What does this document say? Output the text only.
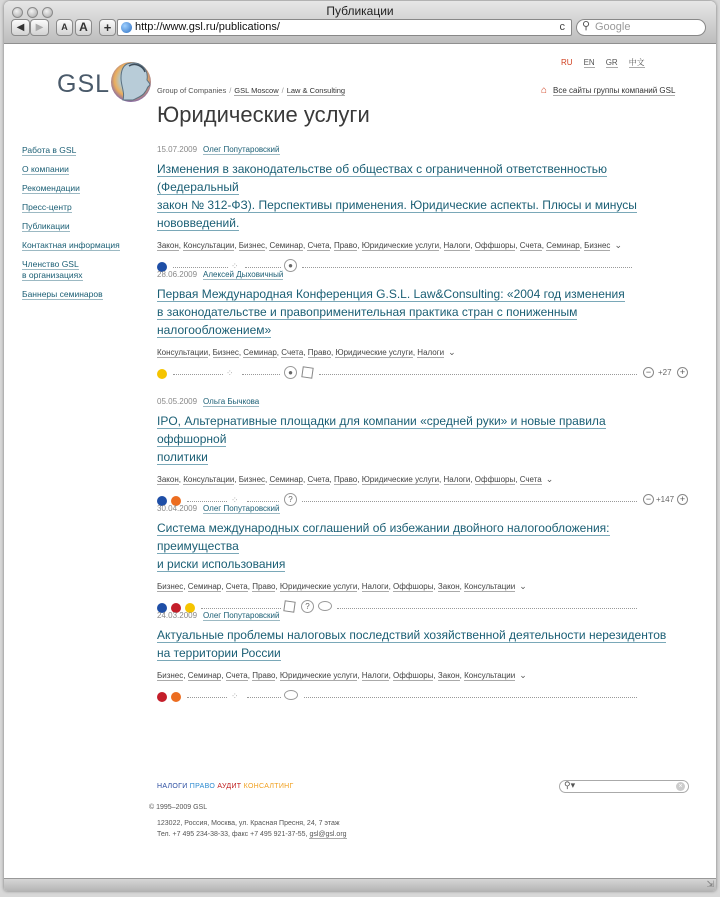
Публикации
◀	▶	A A	+	http://www.gsl.ru/publications/	c ⚲ Google
GSL	Group of Companies / GSL Moscow / Law & Consulting
RU EN GR 中文
⌂ Все сайты группы компаний GSL
Юридические услуги
Работа в GSL
О компании
Рекомендации
Пресс-центр
Публикации
Контактная информация
Членство GSL
в организациях
Баннеры семинаров
15.07.2009 Олег Попутаровский
Изменения в законодательстве об обществах с ограниченной ответственностью (Федеральный
закон № 312-ФЗ). Перспективы применения. Юридические аспекты. Плюсы и минусы
нововведений.
Закон, Консультации, Бизнес, Семинар, Счета, Право, Юридические услуги, Налоги, Оффшоры, Счета, Семинар, Бизнес ⌄
⁘	●
28.06.2009 Алексей Дыховичный
Первая Международная Конференция G.S.L. Law&Consulting: «2004 год изменения
в законодательстве и правоприменительная практика стран с пониженным
налогообложением»
Консультации, Бизнес, Семинар, Счета, Право, Юридические услуги, Налоги ⌄
⁘	●	− +27 +
05.05.2009 Ольга Бычкова
IPO, Альтернативные площадки для компании «средней руки» и новые правила оффшорной
политики
Закон, Консультации, Бизнес, Семинар, Счета, Право, Юридические услуги, Налоги, Оффшоры, Счета ⌄
⁘	?	− +147 +
30.04.2009 Олег Попутаровский
Система международных соглашений об избежании двойного налогообложения: преимущества
и риски использования
Бизнес, Семинар, Счета, Право, Юридические услуги, Налоги, Оффшоры, Закон, Консультации ⌄
?
24.03.2009 Олег Попутаровский
Актуальные проблемы налоговых последствий хозяйственной деятельности нерезидентов
на территории России
Бизнес, Семинар, Счета, Право, Юридические услуги, Налоги, Оффшоры, Закон, Консультации ⌄
⁘
НАЛОГИ ПРАВО АУДИТ КОНСАЛТИНГ	⚲▾	×
© 1995–2009 GSL
123022, Россия, Москва, ул. Красная Пресня, 24, 7 этаж
Тел. +7 495 234-38-33, факс +7 495 921-37-55, gsl@gsl.org
⇲
